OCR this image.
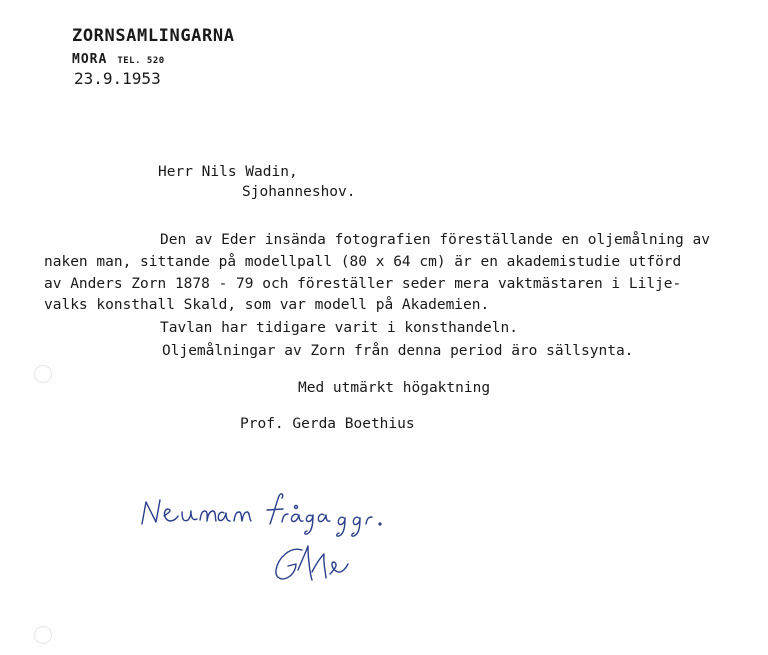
ZORNSAMLINGARNA
MORA TEL. 520
23.9.1953
Herr Nils Wadin,
Sjohanneshov.
Den av Eder insända fotografien föreställande en oljemålning av
naken man, sittande på modellpall (80 x 64 cm) är en akademistudie utförd
av Anders Zorn 1878 - 79 och föreställer seder mera vaktmästaren i Lilje-
valks konsthall Skald, som var modell på Akademien.
Tavlan har tidigare varit i konsthandeln.
Oljemålningar av Zorn från denna period äro sällsynta.
Med utmärkt högaktning
Prof. Gerda Boethius
